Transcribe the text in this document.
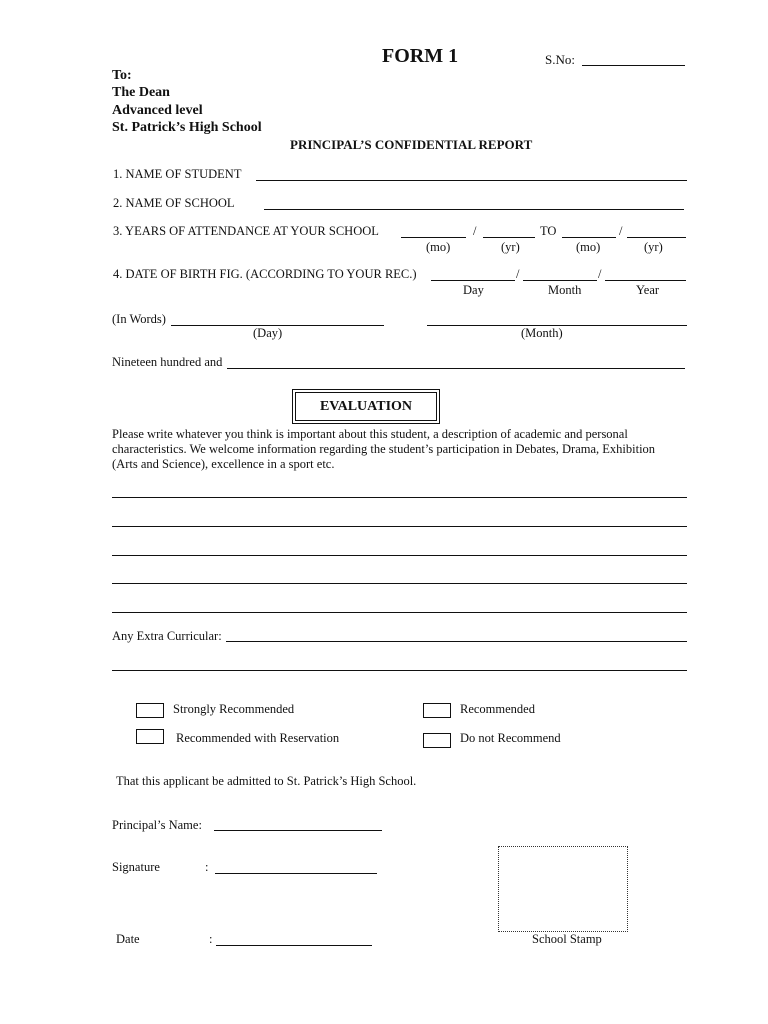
FORM 1	S.No:
To:
The Dean
Advanced level
St. Patrick’s High School
PRINCIPAL’S CONFIDENTIAL REPORT
1. NAME OF STUDENT
2. NAME OF SCHOOL
3. YEARS OF ATTENDANCE AT YOUR SCHOOL	/	TO	/
(mo)	(yr)	(mo)	(yr)
4. DATE OF BIRTH FIG. (ACCORDING TO YOUR REC.)	/	/
Day	Month	Year
(In Words)
(Day)	(Month)
Nineteen hundred and
EVALUATION
Please write whatever you think is important about this student, a description of academic and personal
characteristics. We welcome information regarding the student’s participation in Debates, Drama, Exhibition
(Arts and Science), excellence in a sport etc.
Any Extra Curricular:
Strongly Recommended	Recommended
Recommended with Reservation	Do not Recommend
That this applicant be admitted to St. Patrick’s High School.
Principal’s Name:
Signature	:
Date	:	School Stamp
